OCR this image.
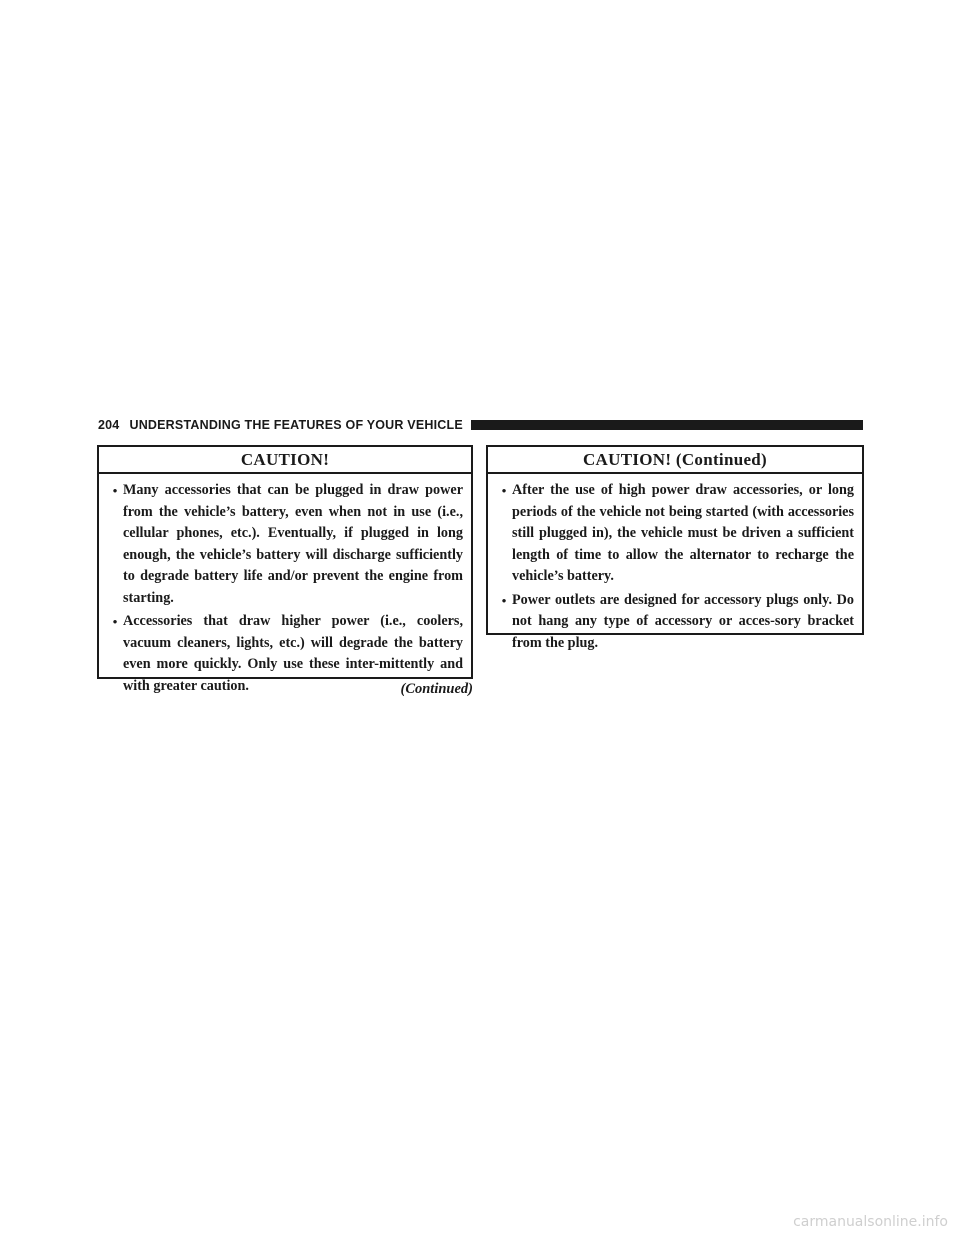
204 UNDERSTANDING THE FEATURES OF YOUR VEHICLE
CAUTION!
• Many accessories that can be plugged in draw power from the vehicle’s battery, even when not in use (i.e., cellular phones, etc.). Eventually, if plugged in long enough, the vehicle’s battery will discharge sufficiently to degrade battery life and/or prevent the engine from starting.
• Accessories that draw higher power (i.e., coolers, vacuum cleaners, lights, etc.) will degrade the battery even more quickly. Only use these inter-mittently and with greater caution.	(Continued)
CAUTION! (Continued)
• After the use of high power draw accessories, or long periods of the vehicle not being started (with accessories still plugged in), the vehicle must be driven a sufficient length of time to allow the alternator to recharge the vehicle’s battery.
• Power outlets are designed for accessory plugs only. Do not hang any type of accessory or acces-sory bracket from the plug.
carmanualsonline.info
